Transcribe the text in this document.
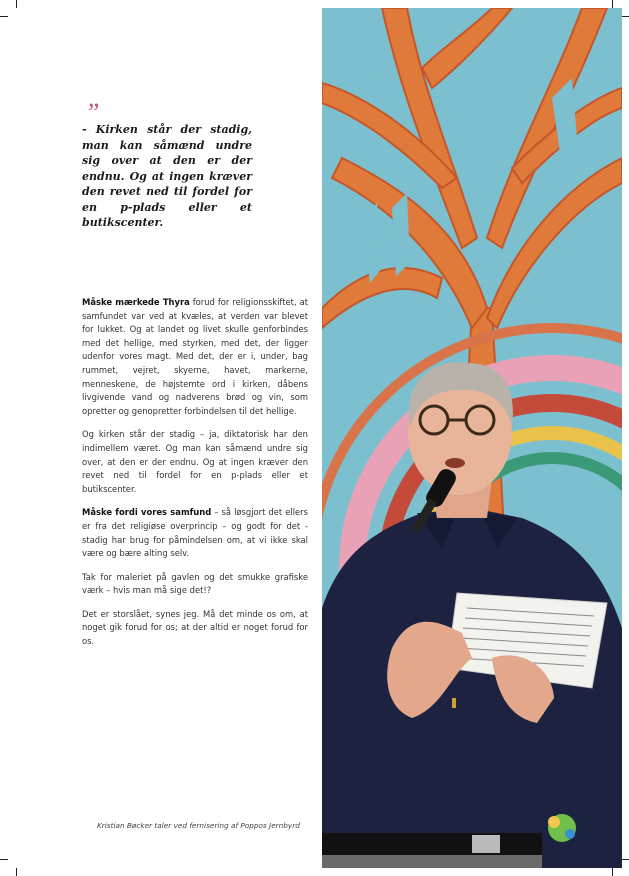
”
- Kirken står der stadig, man kan såmænd undre sig over at den er der endnu. Og at ingen kræver den revet ned til fordel for en p-plads eller et butikscenter.

Måske mærkede Thyra forud for religionsskiftet, at samfundet var ved at kvæles, at verden var blevet for lukket. Og at landet og livet skulle genforbindes med det hellige, med styrken, med det, der ligger udenfor vores magt. Med det, der er i, under, bag rummet, vejret, skyerne, havet, markerne, menneskene, de højstemte ord i kirken, dåbens livgivende vand og nadverens brød og vin, som opretter og genopretter forbindelsen til det hellige.

Og kirken står der stadig – ja, diktatorisk har den indimellem været. Og man kan såmænd undre sig over, at den er der endnu. Og at ingen kræver den revet ned til fordel for en p-plads eller et butikscenter.

Måske fordi vores samfund – så løsgjort det ellers er fra det religiøse overprincip – og godt for det - stadig har brug for påmindelsen om, at vi ikke skal være og bære alting selv.

Tak for maleriet på gavlen og det smukke grafiske værk – hvis man må sige det!?

Det er storslået, synes jeg. Må det minde os om, at noget gik forud for os; at der altid er noget forud for os.

Kristian Bøcker taler ved fernisering af Poppos Jernbyrd
